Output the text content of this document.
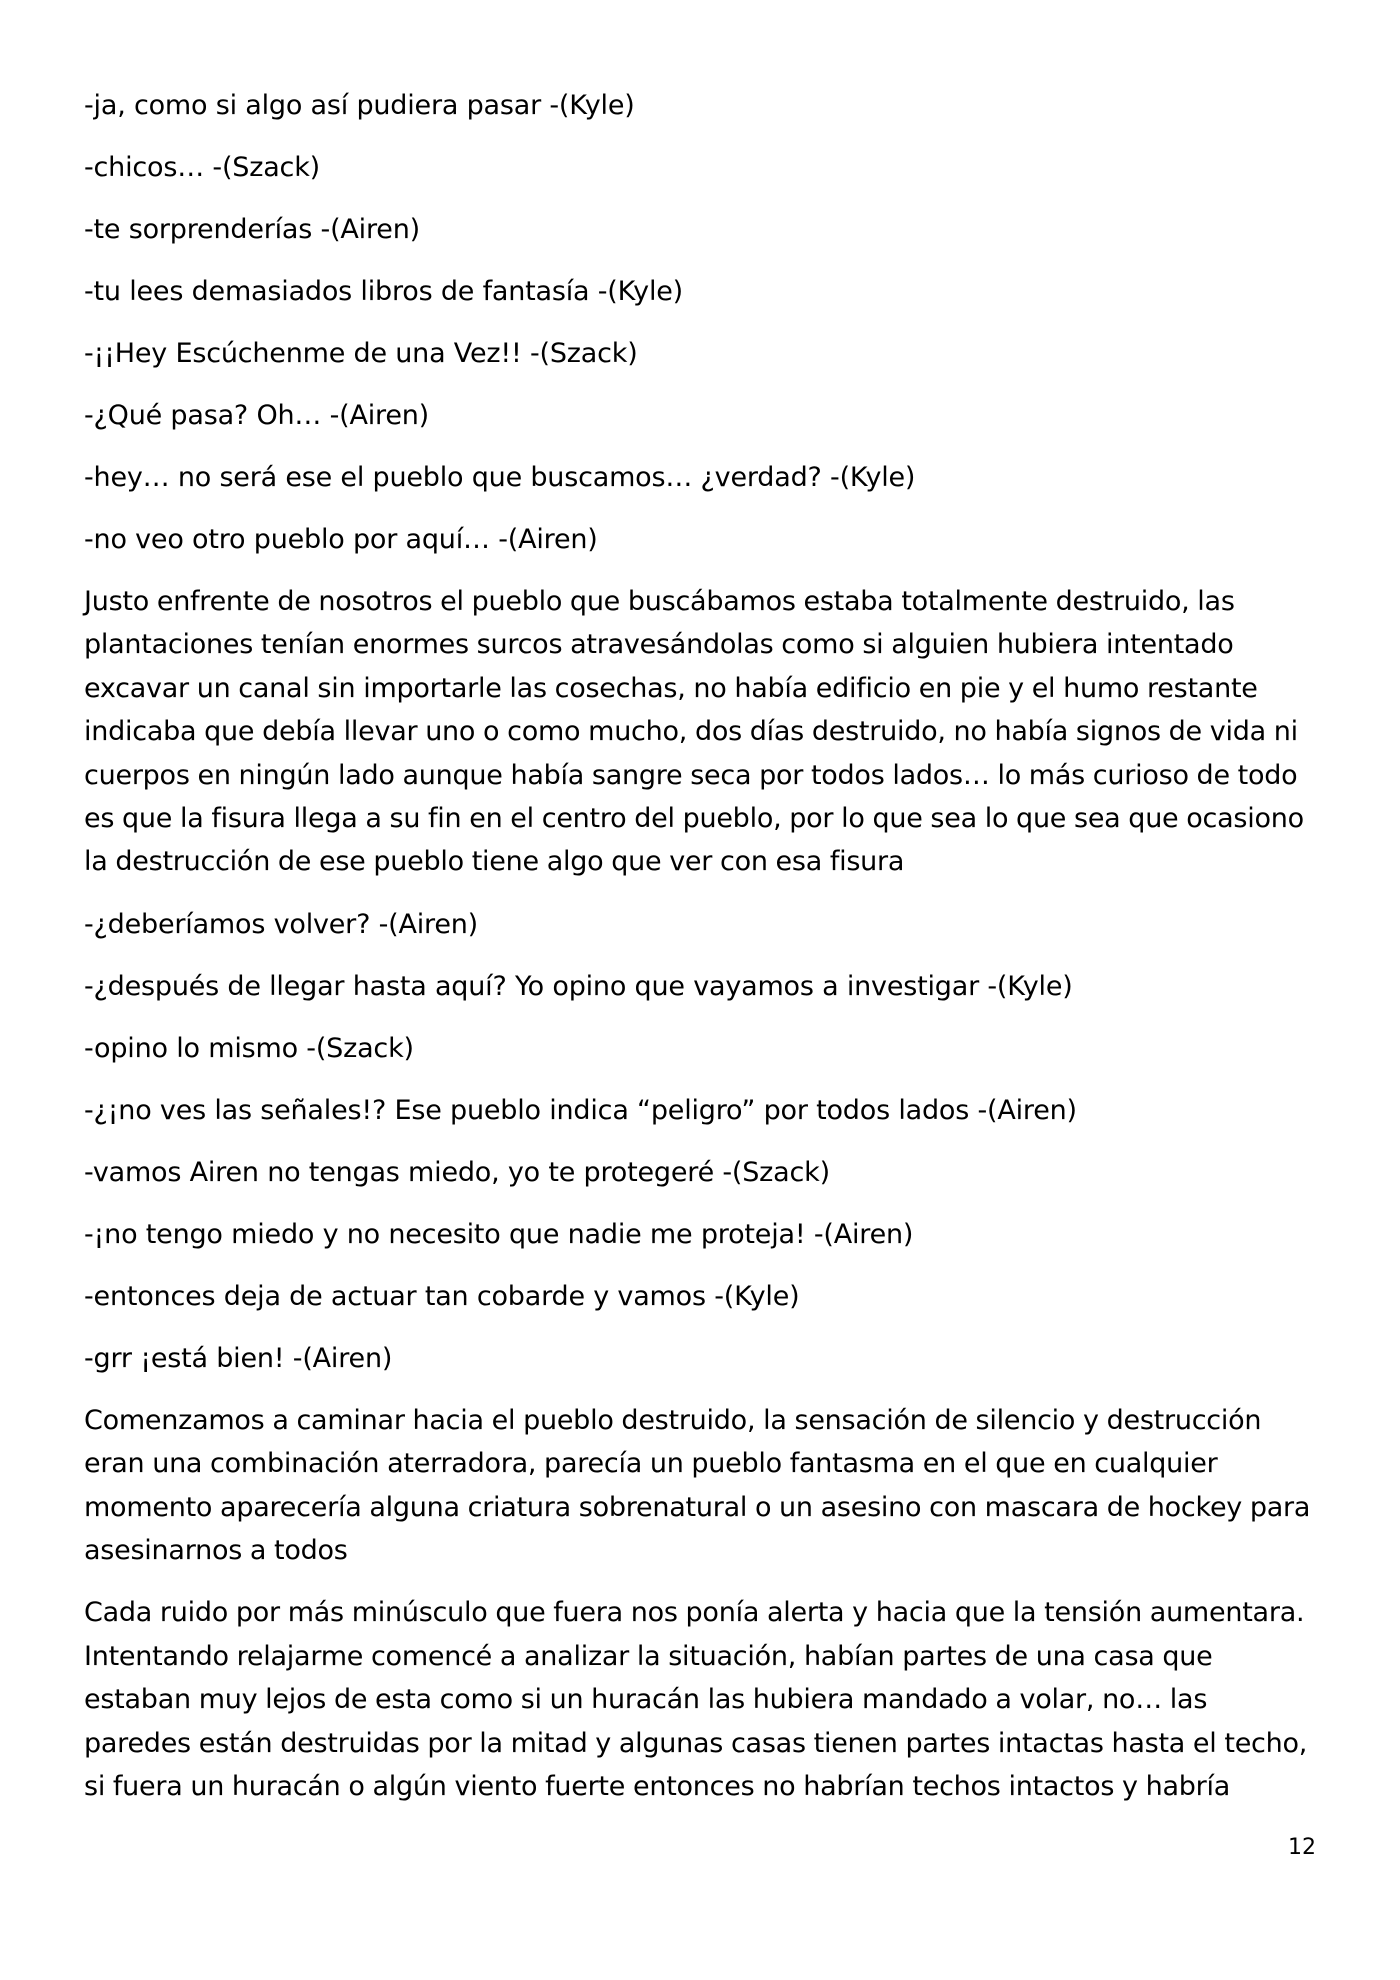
-ja, como si algo así pudiera pasar -(Kyle)

-chicos… -(Szack)

-te sorprenderías -(Airen)

-tu lees demasiados libros de fantasía -(Kyle)

-¡¡Hey Escúchenme de una Vez!! -(Szack)

-¿Qué pasa? Oh… -(Airen)

-hey… no será ese el pueblo que buscamos… ¿verdad? -(Kyle)

-no veo otro pueblo por aquí… -(Airen)

Justo enfrente de nosotros el pueblo que buscábamos estaba totalmente destruido, las
plantaciones tenían enormes surcos atravesándolas como si alguien hubiera intentado
excavar un canal sin importarle las cosechas, no había edificio en pie y el humo restante
indicaba que debía llevar uno o como mucho, dos días destruido, no había signos de vida ni
cuerpos en ningún lado aunque había sangre seca por todos lados… lo más curioso de todo
es que la fisura llega a su fin en el centro del pueblo, por lo que sea lo que sea que ocasiono
la destrucción de ese pueblo tiene algo que ver con esa fisura

-¿deberíamos volver? -(Airen)

-¿después de llegar hasta aquí? Yo opino que vayamos a investigar -(Kyle)

-opino lo mismo -(Szack)

-¿¡no ves las señales!? Ese pueblo indica “peligro” por todos lados -(Airen)

-vamos Airen no tengas miedo, yo te protegeré -(Szack)

-¡no tengo miedo y no necesito que nadie me proteja! -(Airen)

-entonces deja de actuar tan cobarde y vamos -(Kyle)

-grr ¡está bien! -(Airen)

Comenzamos a caminar hacia el pueblo destruido, la sensación de silencio y destrucción
eran una combinación aterradora, parecía un pueblo fantasma en el que en cualquier
momento aparecería alguna criatura sobrenatural o un asesino con mascara de hockey para
asesinarnos a todos

Cada ruido por más minúsculo que fuera nos ponía alerta y hacia que la tensión aumentara.
Intentando relajarme comencé a analizar la situación, habían partes de una casa que
estaban muy lejos de esta como si un huracán las hubiera mandado a volar, no… las
paredes están destruidas por la mitad y algunas casas tienen partes intactas hasta el techo,
si fuera un huracán o algún viento fuerte entonces no habrían techos intactos y habría

12
